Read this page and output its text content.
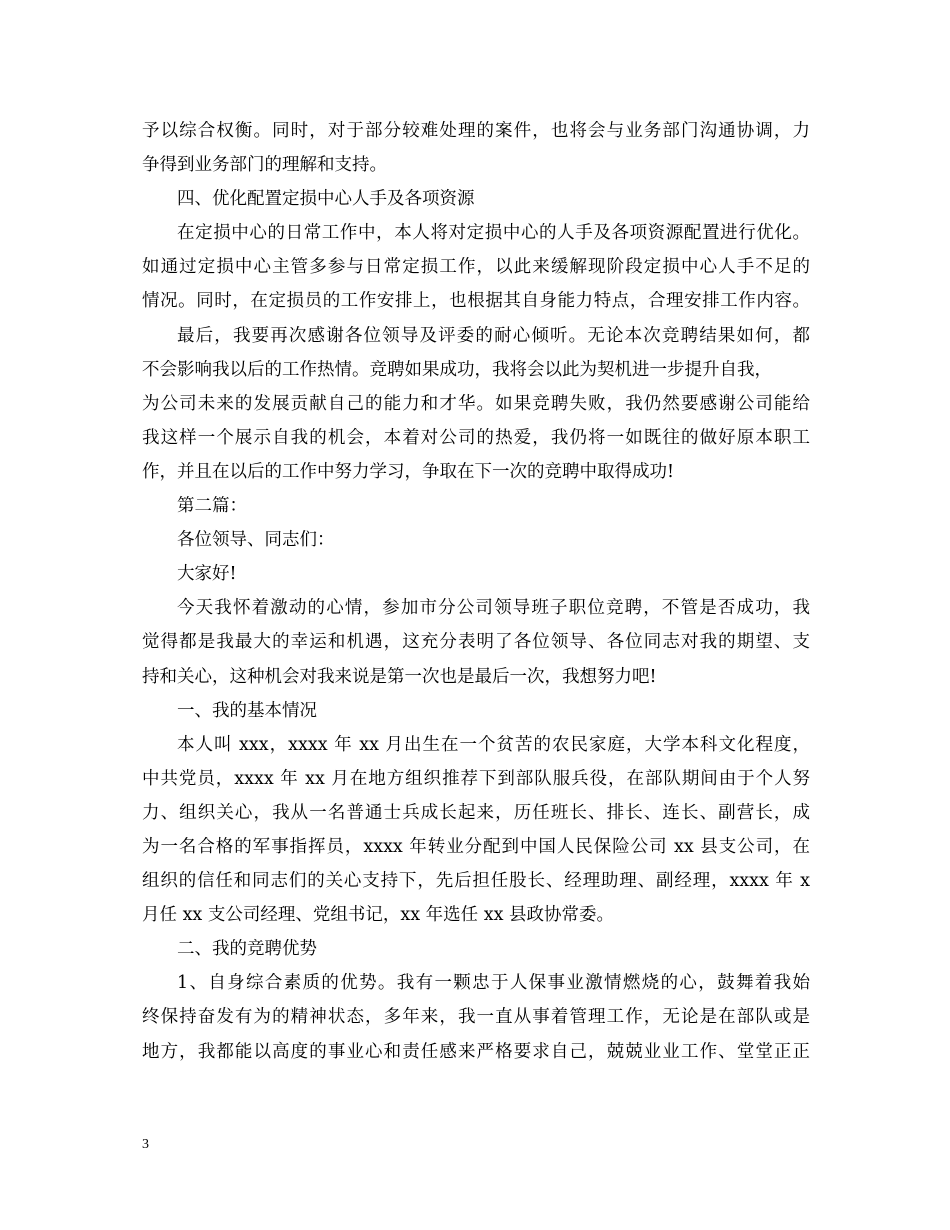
予以综合权衡。同时，对于部分较难处理的案件，也将会与业务部门沟通协调，力
争得到业务部门的理解和支持。
四、优化配置定损中心人手及各项资源
在定损中心的日常工作中，本人将对定损中心的人手及各项资源配置进行优化。
如通过定损中心主管多参与日常定损工作，以此来缓解现阶段定损中心人手不足的
情况。同时，在定损员的工作安排上，也根据其自身能力特点，合理安排工作内容。
最后，我要再次感谢各位领导及评委的耐心倾听。无论本次竞聘结果如何，都
不会影响我以后的工作热情。竞聘如果成功，我将会以此为契机进一步提升自我，
为公司未来的发展贡献自己的能力和才华。如果竞聘失败，我仍然要感谢公司能给
我这样一个展示自我的机会，本着对公司的热爱，我仍将一如既往的做好原本职工
作，并且在以后的工作中努力学习，争取在下一次的竞聘中取得成功!
第二篇：
各位领导、同志们：
大家好!
今天我怀着激动的心情，参加市分公司领导班子职位竞聘，不管是否成功，我
觉得都是我最大的幸运和机遇，这充分表明了各位领导、各位同志对我的期望、支
持和关心，这种机会对我来说是第一次也是最后一次，我想努力吧!
一、我的基本情况
本人叫 xxx，xxxx 年 xx 月出生在一个贫苦的农民家庭，大学本科文化程度，
中共党员，xxxx 年 xx 月在地方组织推荐下到部队服兵役，在部队期间由于个人努
力、组织关心，我从一名普通士兵成长起来，历任班长、排长、连长、副营长，成
为一名合格的军事指挥员，xxxx 年转业分配到中国人民保险公司 xx 县支公司，在
组织的信任和同志们的关心支持下，先后担任股长、经理助理、副经理，xxxx 年 x
月任 xx 支公司经理、党组书记，xx 年选任 xx 县政协常委。
二、我的竞聘优势
1、自身综合素质的优势。我有一颗忠于人保事业激情燃烧的心，鼓舞着我始
终保持奋发有为的精神状态，多年来，我一直从事着管理工作，无论是在部队或是
地方，我都能以高度的事业心和责任感来严格要求自己，兢兢业业工作、堂堂正正
3
